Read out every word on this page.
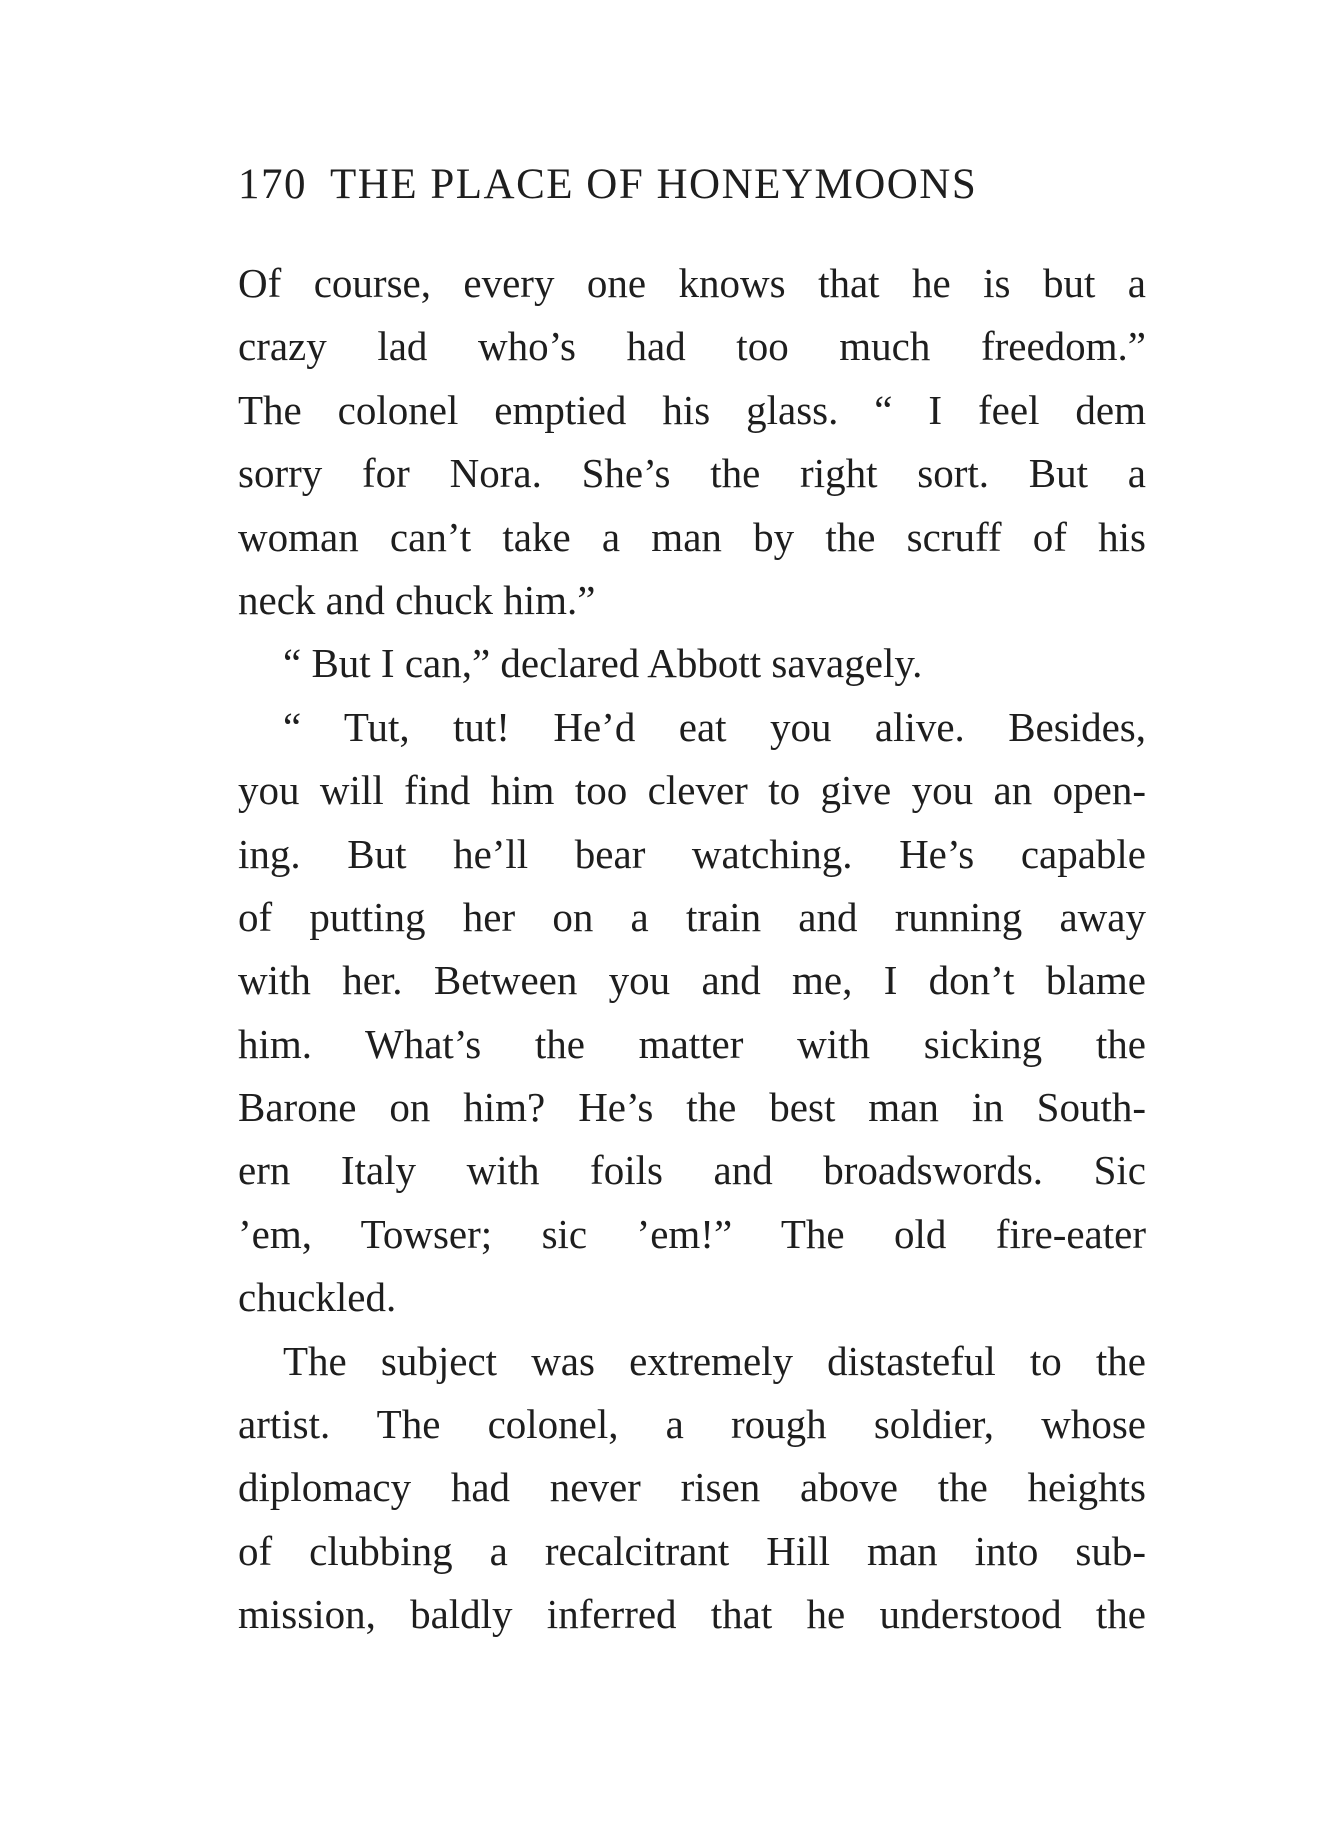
170 THE PLACE OF HONEYMOONS
Of course, every one knows that he is but a
crazy lad who’s had too much freedom.”
The colonel emptied his glass. “ I feel dem
sorry for Nora. She’s the right sort. But a
woman can’t take a man by the scruff of his
neck and chuck him.”
“ But I can,” declared Abbott savagely.
“ Tut, tut! He’d eat you alive. Besides,
you will find him too clever to give you an open-
ing. But he’ll bear watching. He’s capable
of putting her on a train and running away
with her. Between you and me, I don’t blame
him. What’s the matter with sicking the
Barone on him? He’s the best man in South-
ern Italy with foils and broadswords. Sic
’em, Towser; sic ’em!” The old fire-eater
chuckled.
The subject was extremely distasteful to the
artist. The colonel, a rough soldier, whose
diplomacy had never risen above the heights
of clubbing a recalcitrant Hill man into sub-
mission, baldly inferred that he understood the
